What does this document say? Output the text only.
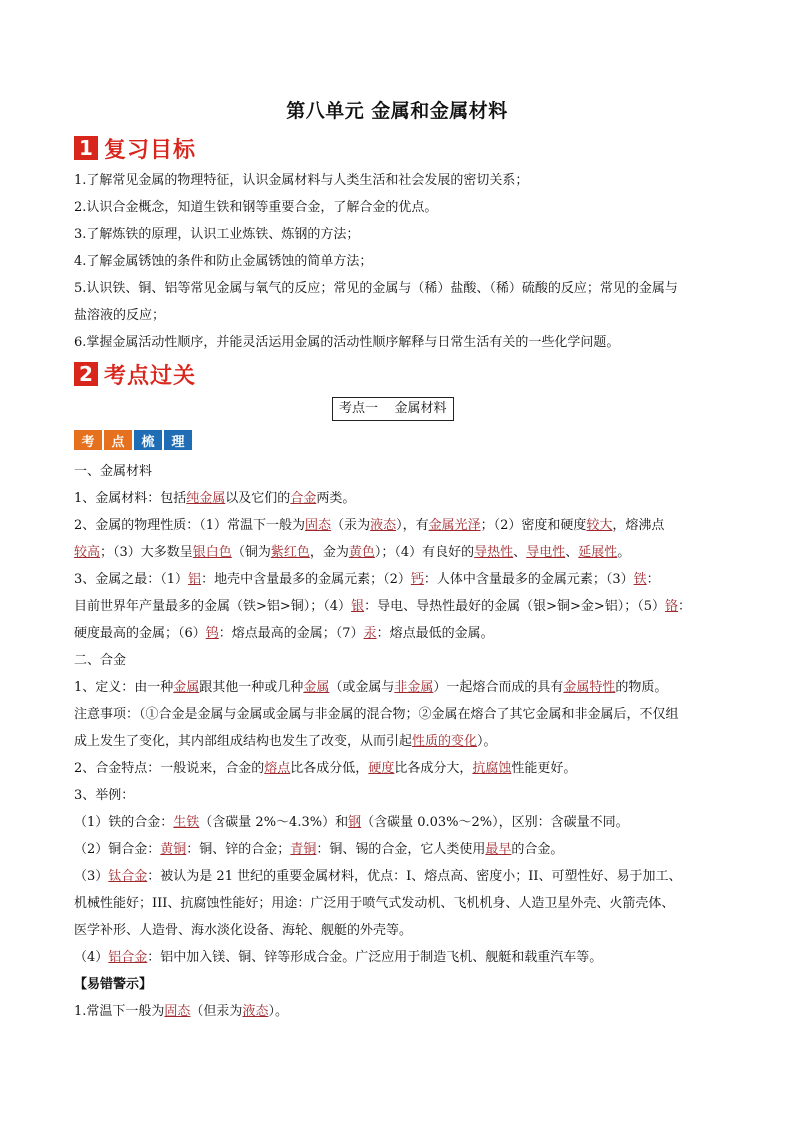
第八单元 金属和金属材料
1 复习目标
1.了解常见金属的物理特征，认识金属材料与人类生活和社会发展的密切关系；
2.认识合金概念，知道生铁和钢等重要合金，了解合金的优点。
3.了解炼铁的原理，认识工业炼铁、炼钢的方法；
4.了解金属锈蚀的条件和防止金属锈蚀的简单方法；
5.认识铁、铜、铝等常见金属与氧气的反应；常见的金属与（稀）盐酸、（稀）硫酸的反应；常见的金属与
盐溶液的反应；
6.掌握金属活动性顺序，并能灵活运用金属的活动性顺序解释与日常生活有关的一些化学问题。
2 考点过关
考点一    金属材料
考	点	梳	理
一、金属材料
1、金属材料：包括纯金属以及它们的合金两类。
2、金属的物理性质：（1）常温下一般为固态（汞为液态），有金属光泽；（2）密度和硬度较大，熔沸点
较高；（3）大多数呈银白色（铜为紫红色，金为黄色）；（4）有良好的导热性、导电性、延展性。
3、金属之最：（1）铝：地壳中含量最多的金属元素；（2）钙：人体中含量最多的金属元素；（3）铁：
目前世界年产量最多的金属（铁>铝>铜）；（4）银：导电、导热性最好的金属（银>铜>金>铝）；（5）铬：
硬度最高的金属；（6）钨：熔点最高的金属；（7）汞：熔点最低的金属。
二、合金
1、定义：由一种金属跟其他一种或几种金属（或金属与非金属）一起熔合而成的具有金属特性的物质。
注意事项：（①合金是金属与金属或金属与非金属的混合物；②金属在熔合了其它金属和非金属后，不仅组
成上发生了变化，其内部组成结构也发生了改变，从而引起性质的变化）。
2、合金特点：一般说来，合金的熔点比各成分低，硬度比各成分大，抗腐蚀性能更好。
3、举例：
（1）铁的合金：生铁（含碳量 2%～4.3%）和钢（含碳量 0.03%～2%），区别：含碳量不同。
（2）铜合金：黄铜：铜、锌的合金；青铜：铜、锡的合金，它人类使用最早的合金。
（3）钛合金：被认为是 21 世纪的重要金属材料，优点：I、熔点高、密度小；II、可塑性好、易于加工、
机械性能好；III、抗腐蚀性能好；用途：广泛用于喷气式发动机、飞机机身、人造卫星外壳、火箭壳体、
医学补形、人造骨、海水淡化设备、海轮、舰艇的外壳等。
（4）铝合金：铝中加入镁、铜、锌等形成合金。广泛应用于制造飞机、舰艇和载重汽车等。
【易错警示】
1.常温下一般为固态（但汞为液态）。
